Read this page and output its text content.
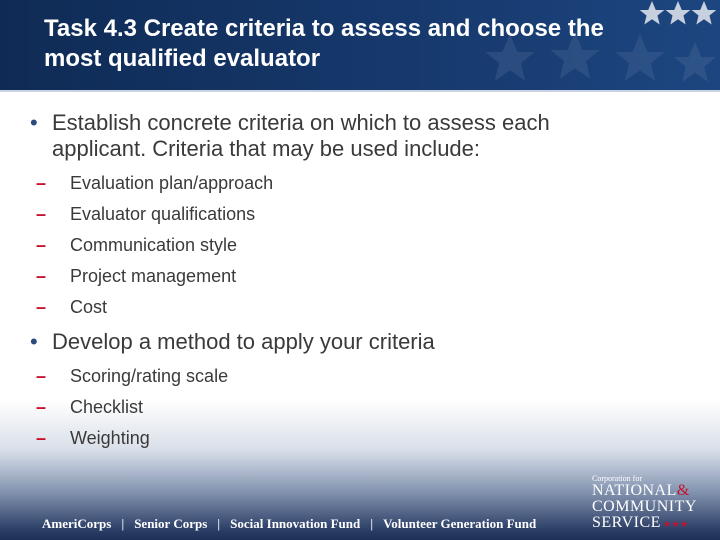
Task 4.3 Create criteria to assess and choose the
most qualified evaluator

• Establish concrete criteria on which to assess each
applicant. Criteria that may be used include:

– Evaluation plan/approach
– Evaluator qualifications
– Communication style
– Project management
– Cost

• Develop a method to apply your criteria

– Scoring/rating scale
– Checklist
– Weighting
AmeriCorps | Senior Corps | Social Innovation Fund | Volunteer Generation Fund
Corporation for
NATIONAL&
COMMUNITY
SERVICE ★★★
